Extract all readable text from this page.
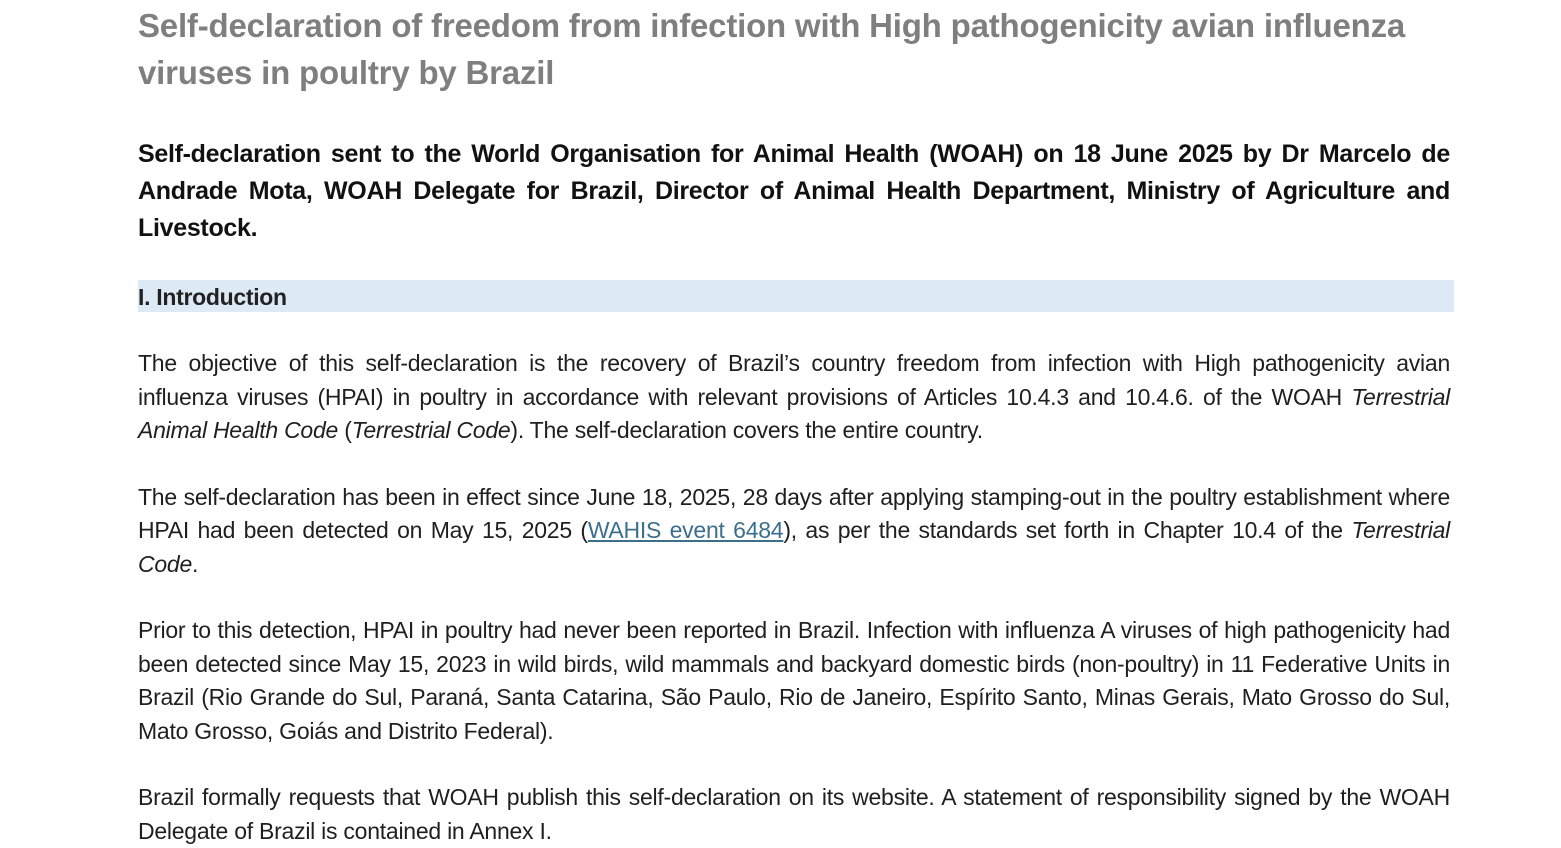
Self-declaration of freedom from infection with High pathogenicity avian influenza viruses in poultry by Brazil

Self-declaration sent to the World Organisation for Animal Health (WOAH) on 18 June 2025 by Dr Marcelo de Andrade Mota, WOAH Delegate for Brazil, Director of Animal Health Department, Ministry of Agriculture and Livestock.

I. Introduction

The objective of this self-declaration is the recovery of Brazil’s country freedom from infection with High pathogenicity avian influenza viruses (HPAI) in poultry in accordance with relevant provisions of Articles 10.4.3 and 10.4.6. of the WOAH Terrestrial Animal Health Code (Terrestrial Code). The self-declaration covers the entire country.

The self-declaration has been in effect since June 18, 2025, 28 days after applying stamping-out in the poultry establishment where HPAI had been detected on May 15, 2025 (WAHIS event 6484), as per the standards set forth in Chapter 10.4 of the Terrestrial Code.

Prior to this detection, HPAI in poultry had never been reported in Brazil. Infection with influenza A viruses of high pathogenicity had been detected since May 15, 2023 in wild birds, wild mammals and backyard domestic birds (non-poultry) in 11 Federative Units in Brazil (Rio Grande do Sul, Paraná, Santa Catarina, São Paulo, Rio de Janeiro, Espírito Santo, Minas Gerais, Mato Grosso do Sul, Mato Grosso, Goiás and Distrito Federal).

Brazil formally requests that WOAH publish this self-declaration on its website. A statement of responsibility signed by the WOAH Delegate of Brazil is contained in Annex I.
